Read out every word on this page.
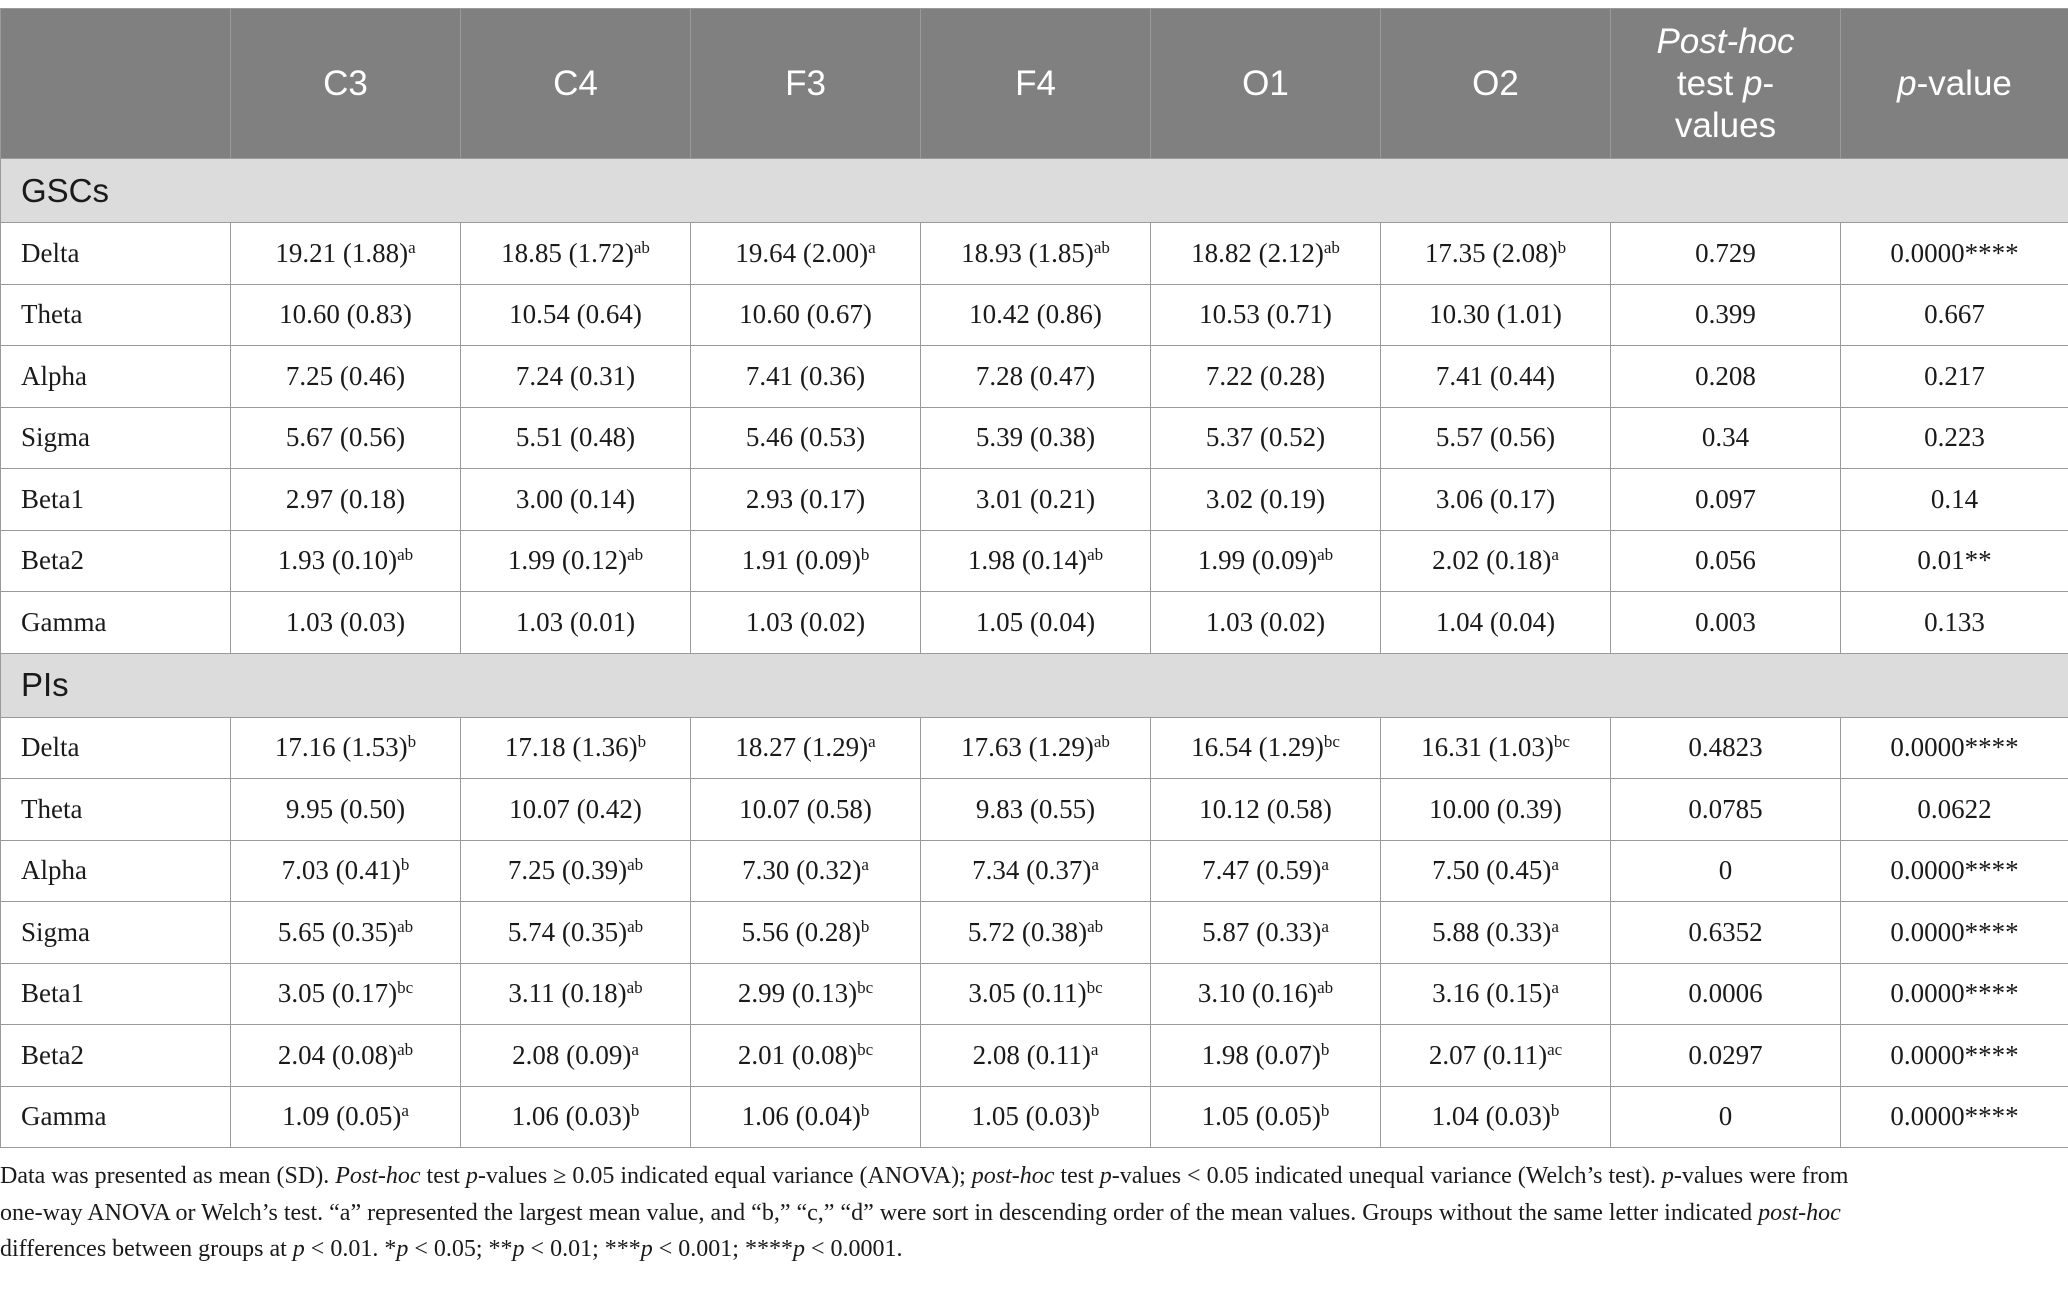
	C3	C4	F3	F4	O1	O2	Post-hoc test p-values	p-value
GSCs								
Delta	19.21 $(1.88)^a$	18.85 $(1.72)^{ab}$	19.64 $(2.00)^a$	18.93 $(1.85)^{ab}$	18.82 $(2.12)^{ab}$	17.35 $(2.08)^b$	0.729	0.0000****
Theta	10.60 (0.83)	10.54 (0.64)	10.60 (0.67)	10.42 (0.86)	10.53 (0.71)	10.30 (1.01)	0.399	0.667
Alpha	7.25 (0.46)	7.24 (0.31)	7.41 (0.36)	7.28 (0.47)	7.22 (0.28)	7.41 (0.44)	0.208	0.217
Sigma	5.67 (0.56)	5.51 (0.48)	5.46 (0.53)	5.39 (0.38)	5.37 (0.52)	5.57 (0.56)	0.34	0.223
Beta1	2.97 (0.18)	3.00 (0.14)	2.93 (0.17)	3.01 (0.21)	3.02 (0.19)	3.06 (0.17)	0.097	0.14
Beta2	1.93 $(0.10)^{ab}$	1.99 $(0.12)^{ab}$	1.91 $(0.09)^b$	1.98 $(0.14)^{ab}$	1.99 $(0.09)^{ab}$	2.02 $(0.18)^a$	0.056	0.01**
Gamma	1.03 (0.03)	1.03 (0.01)	1.03 (0.02)	1.05 (0.04)	1.03 (0.02)	1.04 (0.04)	0.003	0.133
PIs								
Delta	17.16 $(1.53)^b$	17.18 $(1.36)^b$	18.27 $(1.29)^a$	17.63 $(1.29)^{ab}$	16.54 $(1.29)^{bc}$	16.31 $(1.03)^{bc}$	0.4823	0.0000****
Theta	9.95 (0.50)	10.07 (0.42)	10.07 (0.58)	9.83 (0.55)	10.12 (0.58)	10.00 (0.39)	0.0785	0.0622
Alpha	7.03 $(0.41)^b$	7.25 $(0.39)^{ab}$	7.30 $(0.32)^a$	7.34 $(0.37)^a$	7.47 $(0.59)^a$	7.50 $(0.45)^a$	0	0.0000****
Sigma	5.65 $(0.35)^{ab}$	5.74 $(0.35)^{ab}$	5.56 $(0.28)^b$	5.72 $(0.38)^{ab}$	5.87 $(0.33)^a$	5.88 $(0.33)^a$	0.6352	0.0000****
Beta1	3.05 $(0.17)^{bc}$	3.11 $(0.18)^{ab}$	2.99 $(0.13)^{bc}$	3.05 $(0.11)^{bc}$	3.10 $(0.16)^{ab}$	3.16 $(0.15)^a$	0.0006	0.0000****
Beta2	2.04 $(0.08)^{ab}$	2.08 $(0.09)^a$	2.01 $(0.08)^{bc}$	2.08 $(0.11)^a$	1.98 $(0.07)^b$	2.07 $(0.11)^{ac}$	0.0297	0.0000****
Gamma	1.09 $(0.05)^a$	1.06 $(0.03)^b$	1.06 $(0.04)^b$	1.05 $(0.03)^b$	1.05 $(0.05)^b$	1.04 $(0.03)^b$	0	0.0000****

Data was presented as mean (SD). Post-hoc test p-values ≥ 0.05 indicated equal variance (ANOVA); post-hoc test p-values < 0.05 indicated unequal variance (Welch’s test). p-values were from

one-way ANOVA or Welch’s test. “a” represented the largest mean value, and “b,” “c,” “d” were sort in descending order of the mean values. Groups without the same letter indicated post-hoc

differences between groups at p < 0.01. *p < 0.05; **p < 0.01; ***p < 0.001; ****p < 0.0001.
